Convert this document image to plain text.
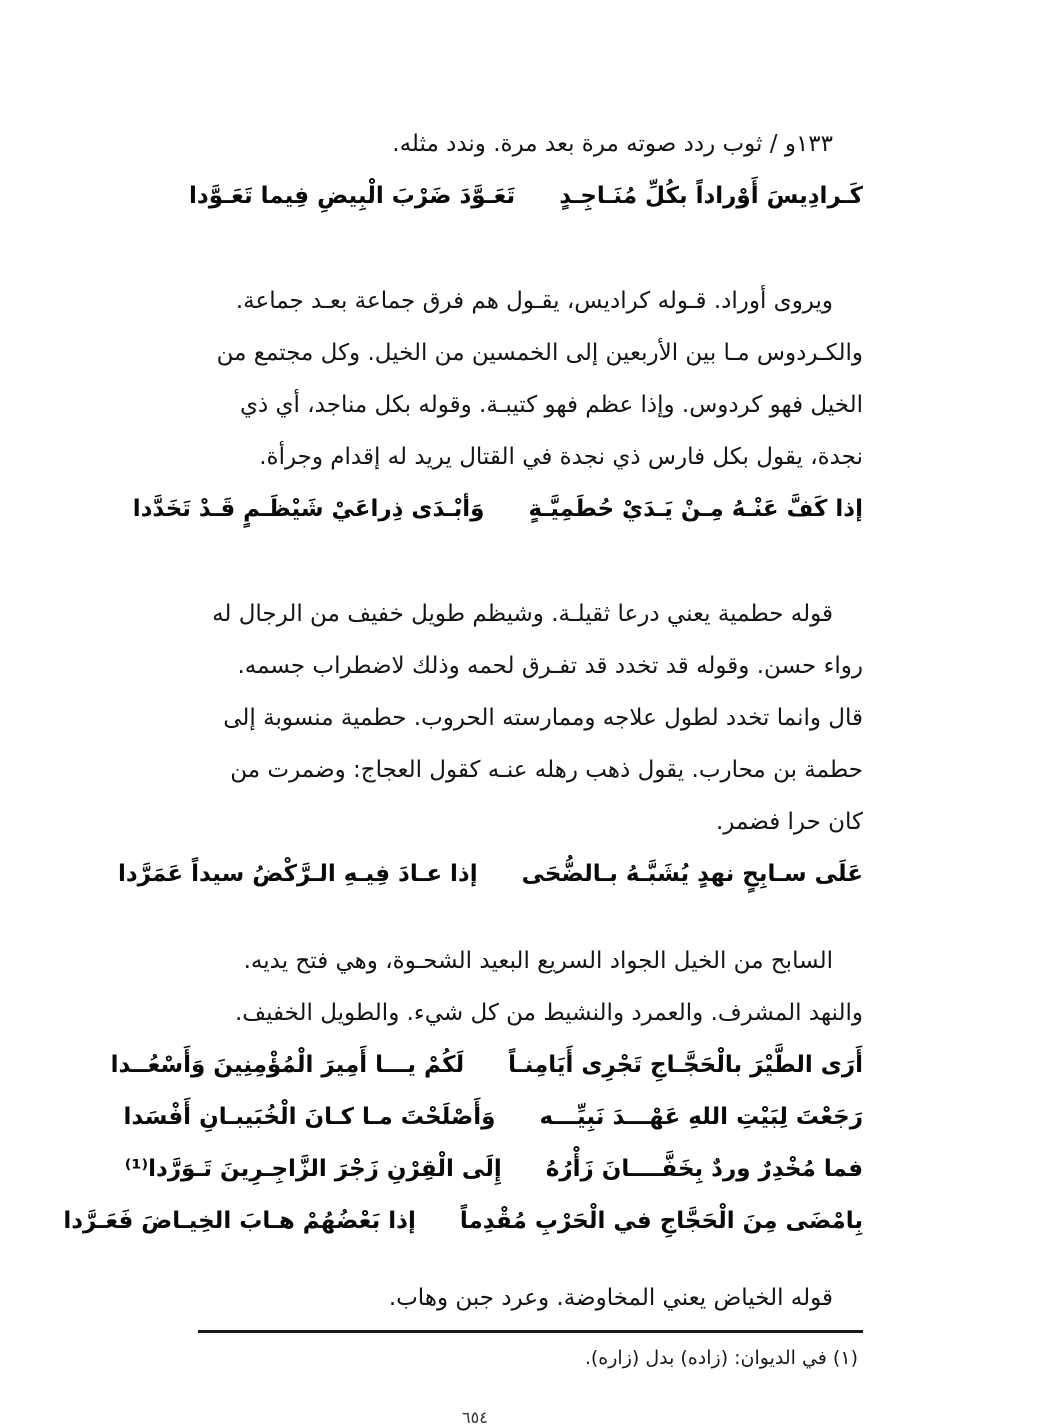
١٣٣و / ثوب ردد صوته مرة بعد مرة. وندد مثله.
كَـرادِيسَ أَوْراداً بكُلِّ مُنَـاجِـدٍ  تَعَـوَّدَ ضَرْبَ الْبِيضِ فِيما تَعَـوَّدا
ويروى أوراد. قـوله كراديس، يقـول هم فرق جماعة بعـد جماعة.
والكـردوس مـا بين الأربعين إلى الخمسين من الخيل. وكل مجتمع من
الخيل فهو كردوس. وإذا عظم فهو كتيبـة. وقوله بكل مناجد، أي ذي
نجدة، يقول بكل فارس ذي نجدة في القتال يريد له إقدام وجرأة.
إذا كَفَّ عَنْـهُ مِـنْ يَـدَيْ حُطَمِيَّـةٍ  وَأبْـدَى ذِراعَيْ شَيْظَـمٍ قَـدْ تَخَدَّدا
قوله حطمية يعني درعا ثقيلـة. وشيظم طويل خفيف من الرجال له
رواء حسن. وقوله قد تخدد قد تفـرق لحمه وذلك لاضطراب جسمه.
قال وانما تخدد لطول علاجه وممارسته الحروب. حطمية منسوبة إلى
حطمة بن محارب. يقول ذهب رهله عنـه كقول العجاج: وضمرت من
كان حرا فضمر.
عَلَى سـابِحٍ نهدٍ يُشَبَّـهُ بـالضُّحَى  إذا عـادَ فِيـهِ الـرَّكْضُ سيداً عَمَرَّدا
السابح من الخيل الجواد السريع البعيد الشحـوة، وهي فتح يديه.
والنهد المشرف. والعمرد والنشيط من كل شيء. والطويل الخفيف.
أَرَى الطَّيْرَ بالْحَجَّـاجِ تَجْرِى أَيَامِنـاً  لَكُمْ يـــا أَمِيرَ الْمُؤْمِنِينَ وَأَسْعُــدا
رَجَعْتَ لِبَيْتِ اللهِ عَهْـــدَ نَبِيِّـــه  وَأَصْلَحْتَ مـا كـانَ الْخُبَيبـانِ أَفْسَدا
فما مُخْدِرٌ وردٌ بِخَفَّــــانَ زَأْرُهُ  إِلَى الْقِرْنِ زَجْرَ الزَّاجِـرِينَ تَـوَرَّدا⁽¹⁾
بِامْضَى مِنَ الْحَجَّاجِ في الْحَرْبِ مُقْدِماً  إذا بَعْضُهُمْ هـابَ الخِيـاضَ فَعَـرَّدا
قوله الخياض يعني المخاوضة. وعرد جبن وهاب.
(١) في الديوان: (زاده) بدل (زاره).
٦٥٤
